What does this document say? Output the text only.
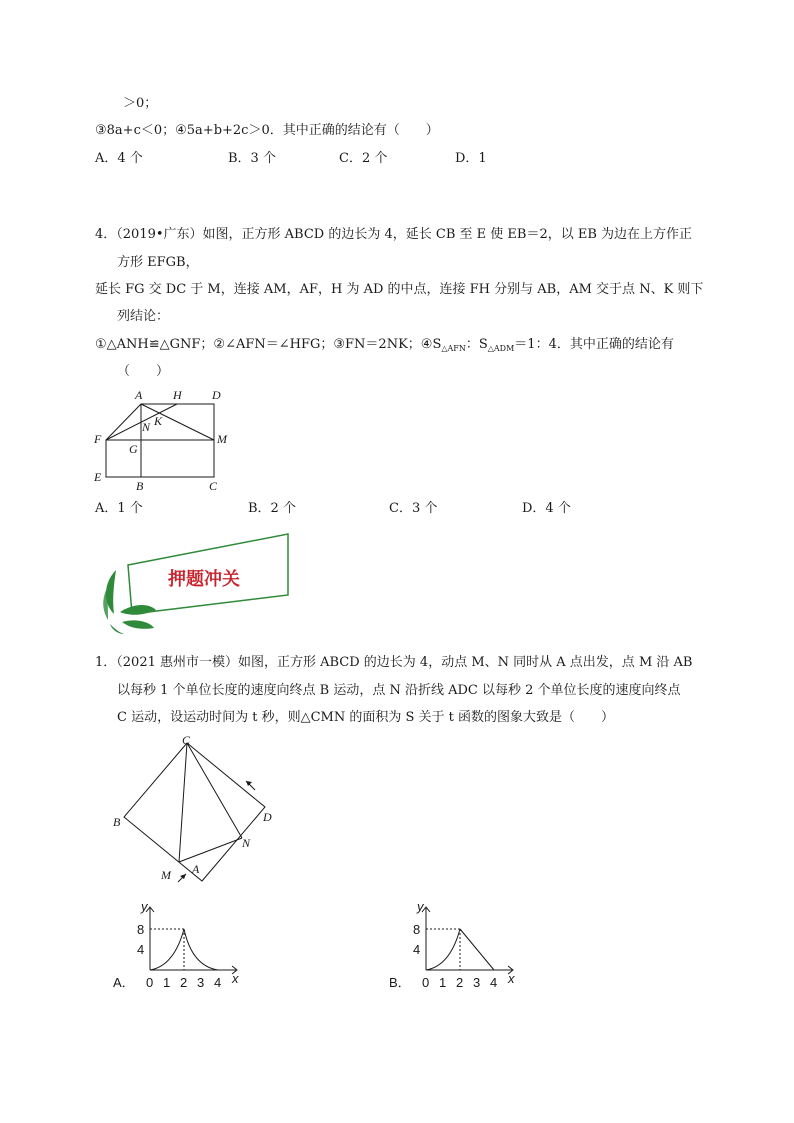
＞0；
③8a+c＜0；④5a+b+2c＞0．其中正确的结论有（　　）
A．4 个	B．3 个	C．2 个	D．1
4．（2019•广东）如图，正方形 ABCD 的边长为 4，延长 CB 至 E 使 EB＝2，以 EB 为边在上方作正
方形 EFGB，
延长 FG 交 DC 于 M，连接 AM，AF，H 为 AD 的中点，连接 FH 分别与 AB，AM 交于点 N、K 则下
列结论：
①△ANH≌△GNF；②∠AFN＝∠HFG；③FN＝2NK；$④S_{\triangle AFN}$：$S_{\triangle ADM}=1$：4．其中正确的结论有
（　　）
A	H	D
F
N K
M
G
E
B	C
A．1 个	B．2 个	C．3 个	D．4 个
押题冲关
1．（2021 惠州市一模）如图，正方形 ABCD 的边长为 4，动点 M、N 同时从 A 点出发，点 M 沿 AB
以每秒 1 个单位长度的速度向终点 B 运动，点 N 沿折线 ADC 以每秒 2 个单位长度的速度向终点
C 运动，设运动时间为 t 秒，则△CMN 的面积为 S 关于 t 函数的图象大致是（　　）
C
B	D
N
M A
A．
y
x
8
4
0 1 2 3 4	B．
y
x
8
4
0 1 2 3 4
